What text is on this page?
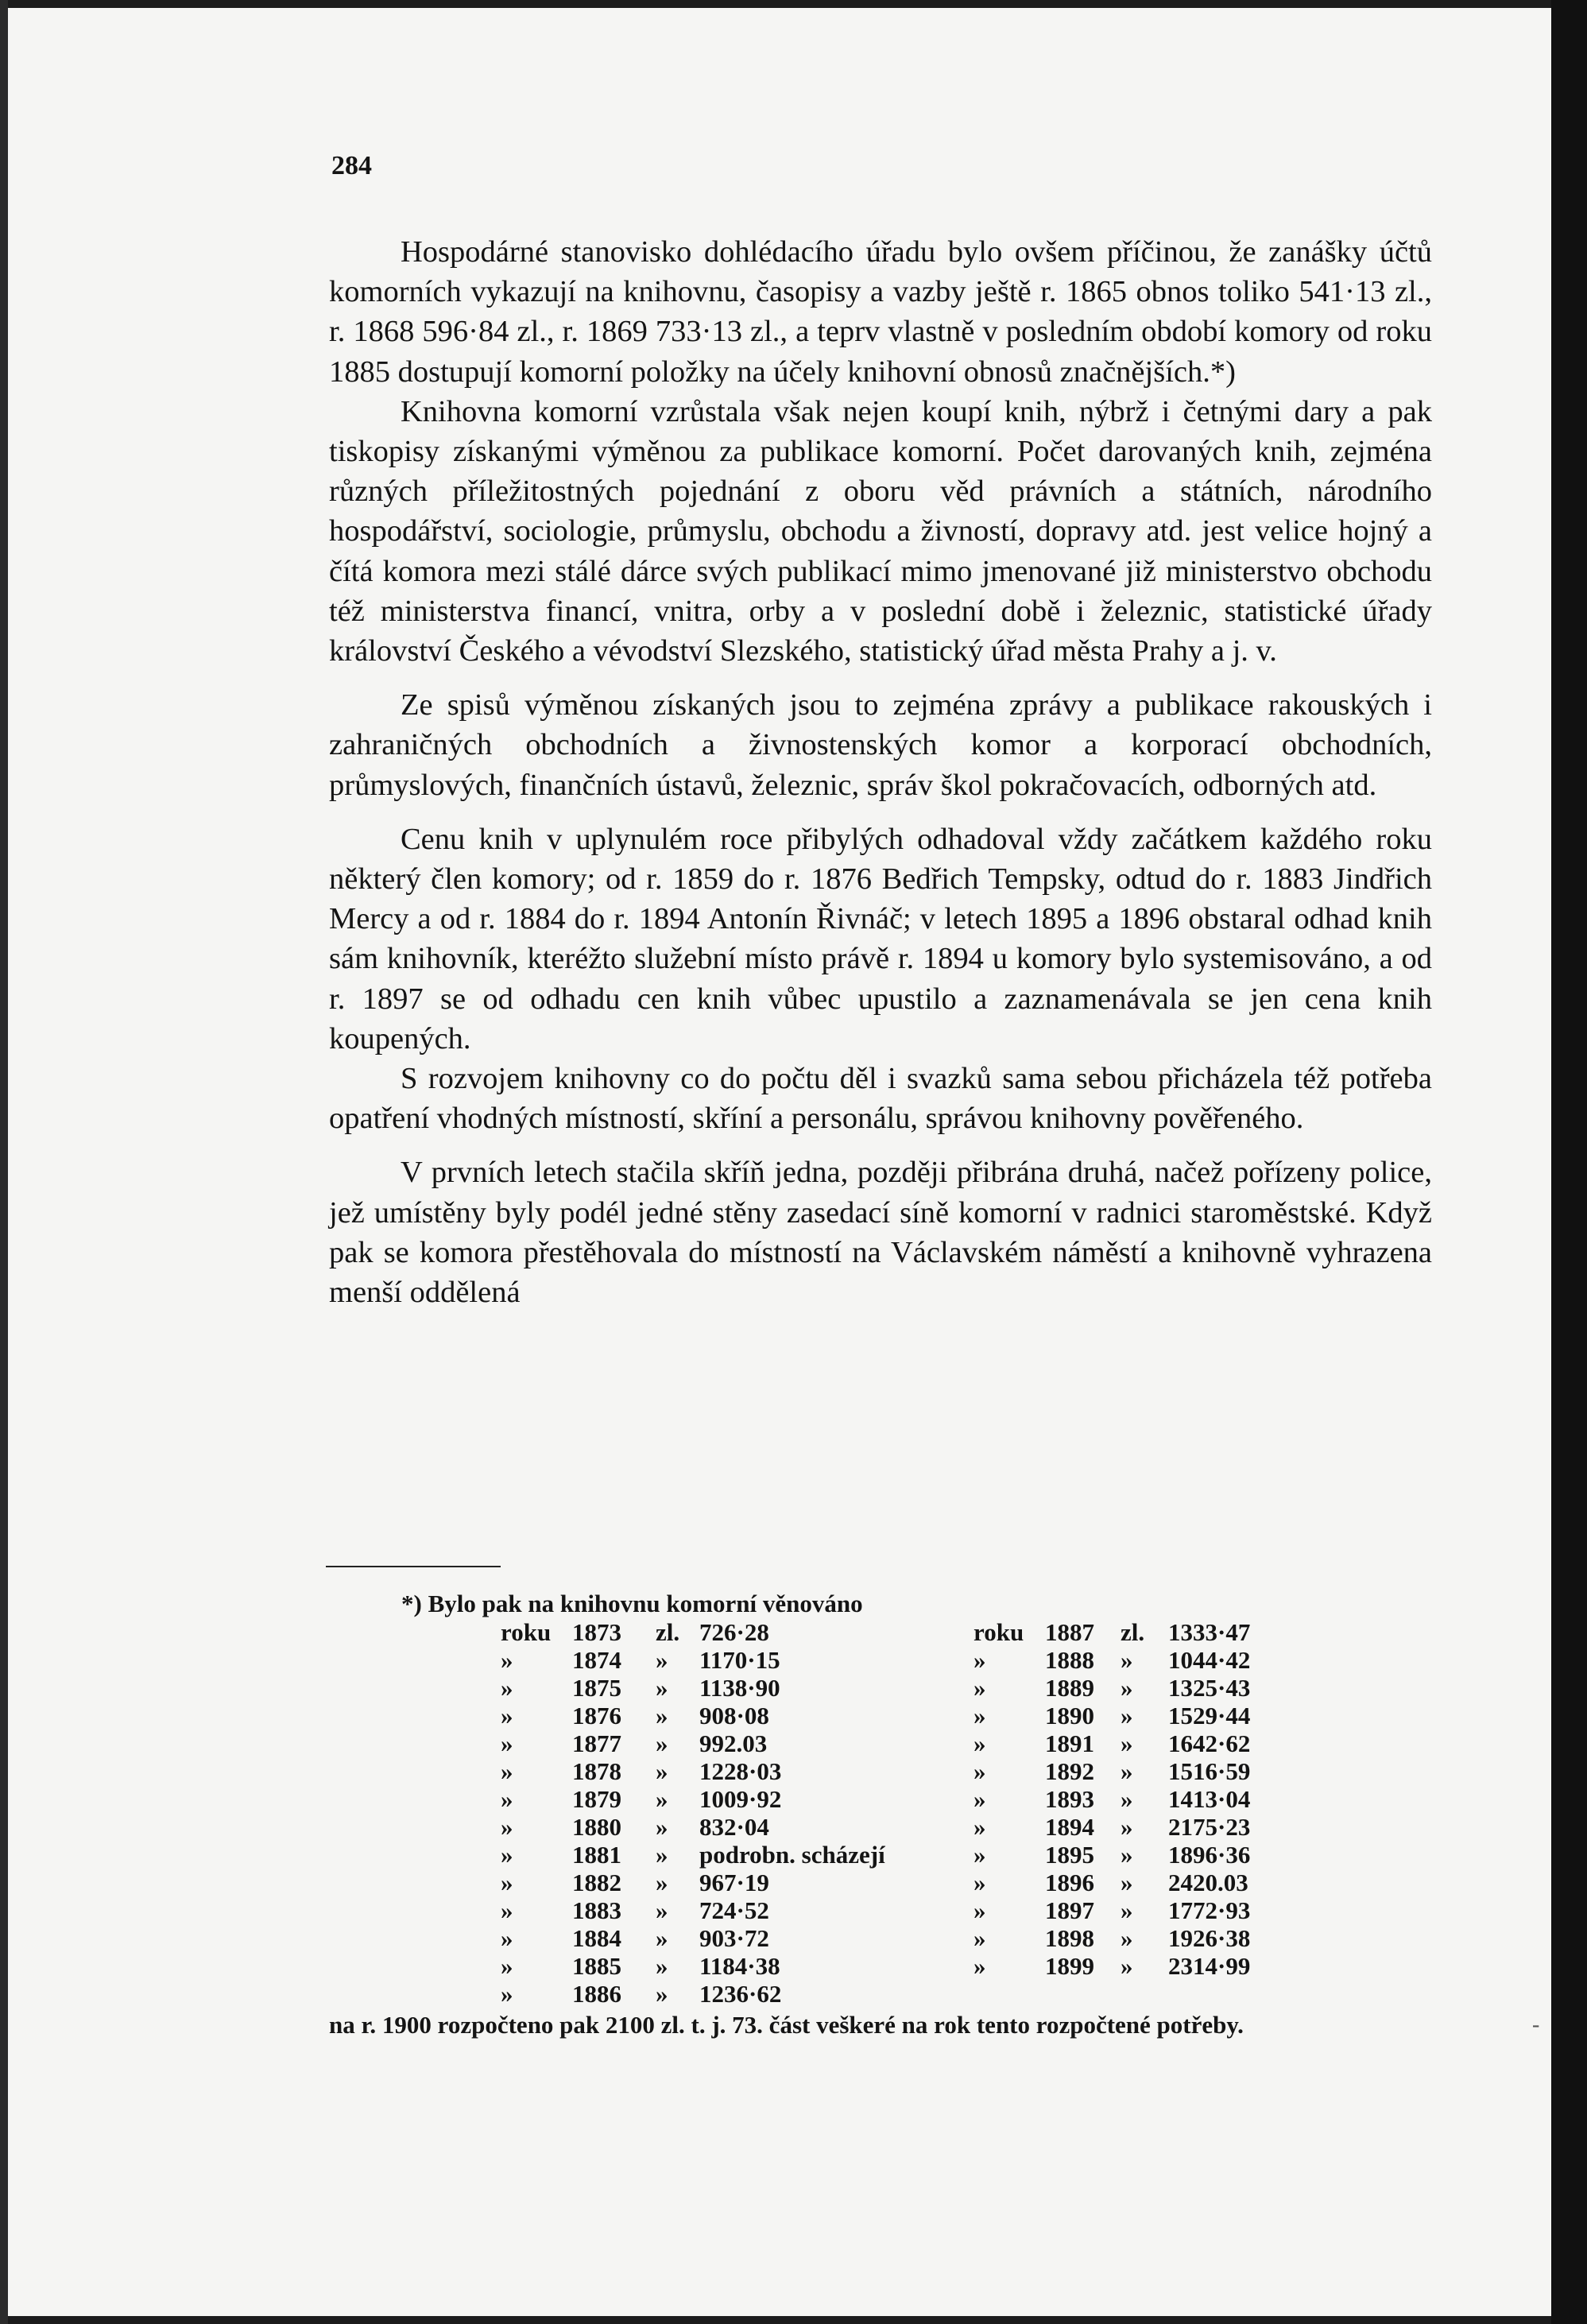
284

Hospodárné stanovisko dohlédacího úřadu bylo ovšem příčinou, že zanášky účtů komorních vykazují na knihovnu, časopisy a vazby ještě r. 1865 obnos toliko 541·13 zl., r. 1868 596·84 zl., r. 1869 733·13 zl., a teprv vlastně v posledním období komory od roku 1885 dostupují komorní položky na účely knihovní obnosů značnějších.*)

Knihovna komorní vzrůstala však nejen koupí knih, nýbrž i četnými dary a pak tiskopisy získanými výměnou za publikace komorní. Počet darovaných knih, zejména různých příležitostných pojednání z oboru věd právních a státních, národního hospodářství, sociologie, průmyslu, obchodu a živností, dopravy atd. jest velice hojný a čítá komora mezi stálé dárce svých publikací mimo jmenované již ministerstvo obchodu též ministerstva financí, vnitra, orby a v poslední době i železnic, statistické úřady království Českého a vévodství Slezského, statistický úřad města Prahy a j. v.

Ze spisů výměnou získaných jsou to zejména zprávy a publikace rakouských i zahraničných obchodních a živnostenských komor a korporací obchodních, průmyslových, finančních ústavů, železnic, správ škol pokračovacích, odborných atd.

Cenu knih v uplynulém roce přibylých odhadoval vždy začátkem každého roku některý člen komory; od r. 1859 do r. 1876 Bedřich Tempsky, odtud do r. 1883 Jindřich Mercy a od r. 1884 do r. 1894 Antonín Řivnáč; v letech 1895 a 1896 obstaral odhad knih sám knihovník, kteréžto služební místo právě r. 1894 u komory bylo systemisováno, a od r. 1897 se od odhadu cen knih vůbec upustilo a zaznamenávala se jen cena knih koupených.

S rozvojem knihovny co do počtu děl i svazků sama sebou přicházela též potřeba opatření vhodných místností, skříní a personálu, správou knihovny pověřeného.

V prvních letech stačila skříň jedna, později přibrána druhá, načež pořízeny police, jež umístěny byly podél jedné stěny zasedací síně komorní v radnici staroměstské. Když pak se komora přestěhovala do místností na Václavském náměstí a knihovně vyhrazena menší oddělená

*) Bylo pak na knihovnu komorní věnováno
roku 1873 zl. 726·28	roku 1887 zl. 1333·47
» 1874 » 1170·15	» 1888 » 1044·42
» 1875 » 1138·90	» 1889 » 1325·43
» 1876 » 908·08	» 1890 » 1529·44
» 1877 » 992.03	» 1891 » 1642·62
» 1878 » 1228·03	» 1892 » 1516·59
» 1879 » 1009·92	» 1893 » 1413·04
» 1880 » 832·04	» 1894 » 2175·23
» 1881 » podrobn. scházejí	» 1895 » 1896·36
» 1882 » 967·19	» 1896 » 2420.03
» 1883 » 724·52	» 1897 » 1772·93
» 1884 » 903·72	» 1898 » 1926·38
» 1885 » 1184·38	» 1899 » 2314·99
» 1886 » 1236·62
na r. 1900 rozpočteno pak 2100 zl. t. j. 73. část veškeré na rok tento rozpočtené potřeby.	-
